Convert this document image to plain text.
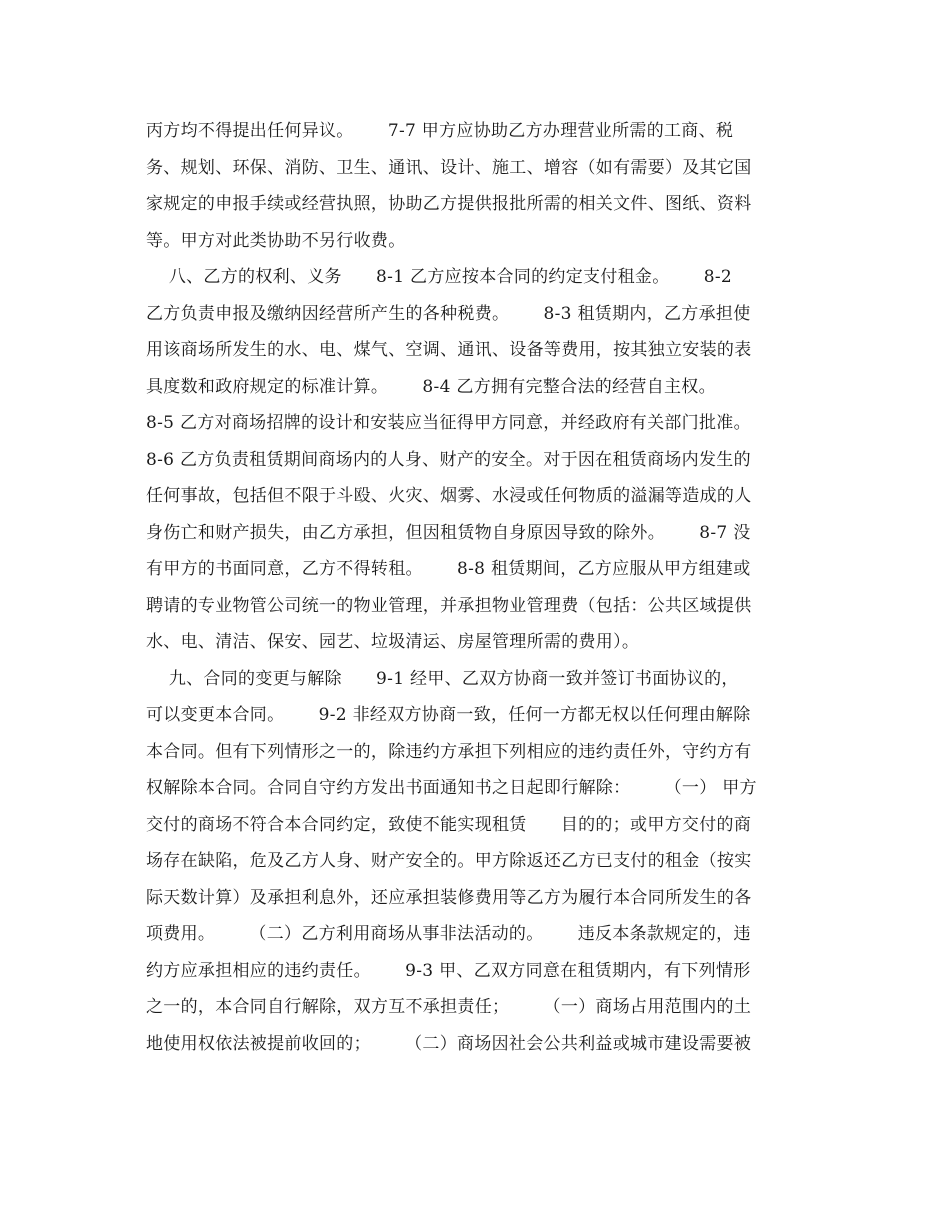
丙方均不得提出任何异议。      7-7 甲方应协助乙方办理营业所需的工商、税
务、规划、环保、消防、卫生、通讯、设计、施工、增容（如有需要）及其它国
家规定的申报手续或经营执照，协助乙方提供报批所需的相关文件、图纸、资料
等。甲方对此类协助不另行收费。
八、乙方的权利、义务      8-1 乙方应按本合同的约定支付租金。      8-2
乙方负责申报及缴纳因经营所产生的各种税费。      8-3 租赁期内，乙方承担使
用该商场所发生的水、电、煤气、空调、通讯、设备等费用，按其独立安装的表
具度数和政府规定的标准计算。      8-4 乙方拥有完整合法的经营自主权。
8-5 乙方对商场招牌的设计和安装应当征得甲方同意，并经政府有关部门批准。
8-6 乙方负责租赁期间商场内的人身、财产的安全。对于因在租赁商场内发生的
任何事故，包括但不限于斗殴、火灾、烟雾、水浸或任何物质的溢漏等造成的人
身伤亡和财产损失，由乙方承担，但因租赁物自身原因导致的除外。      8-7 没
有甲方的书面同意，乙方不得转租。      8-8 租赁期间，乙方应服从甲方组建或
聘请的专业物管公司统一的物业管理，并承担物业管理费（包括：公共区域提供
水、电、清洁、保安、园艺、垃圾清运、房屋管理所需的费用）。
九、合同的变更与解除      9-1 经甲、乙双方协商一致并签订书面协议的，
可以变更本合同。      9-2 非经双方协商一致，任何一方都无权以任何理由解除
本合同。但有下列情形之一的，除违约方承担下列相应的违约责任外，守约方有
权解除本合同。合同自守约方发出书面通知书之日起即行解除：      （一） 甲方
交付的商场不符合本合同约定，致使不能实现租赁      目的的；或甲方交付的商
场存在缺陷，危及乙方人身、财产安全的。甲方除返还乙方已支付的租金（按实
际天数计算）及承担利息外，还应承担装修费用等乙方为履行本合同所发生的各
项费用。      （二）乙方利用商场从事非法活动的。      违反本条款规定的，违
约方应承担相应的违约责任。      9-3 甲、乙双方同意在租赁期内，有下列情形
之一的，本合同自行解除，双方互不承担责任；      （一）商场占用范围内的土
地使用权依法被提前收回的；      （二）商场因社会公共利益或城市建设需要被
